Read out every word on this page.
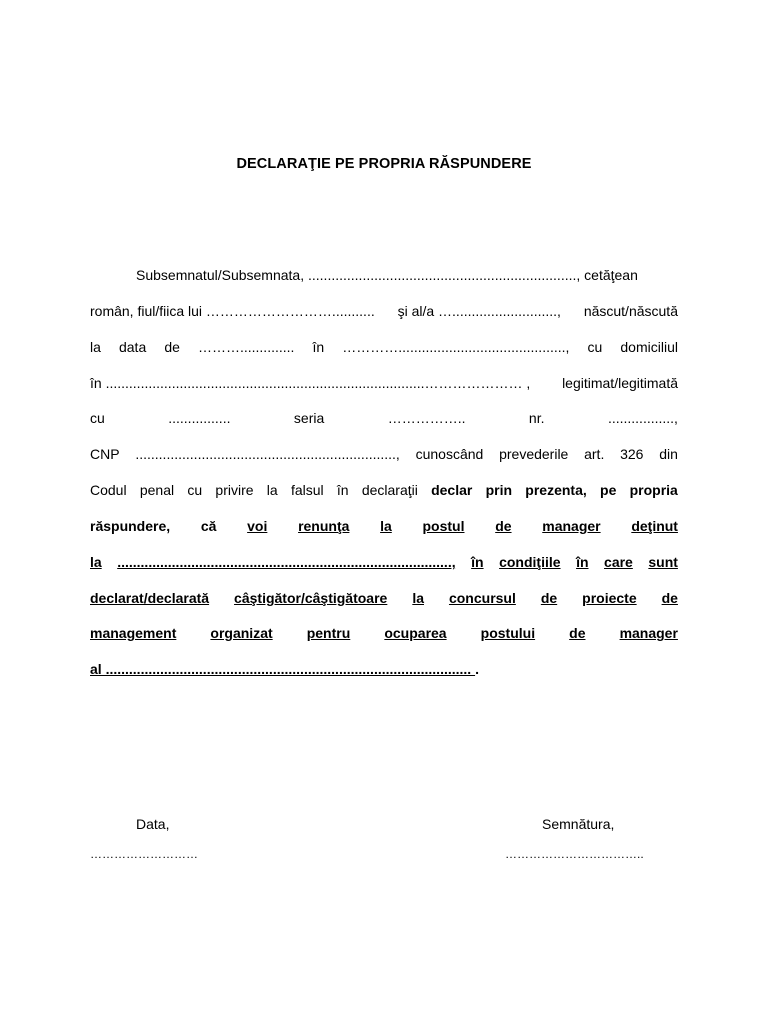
DECLARAŢIE PE PROPRIA RĂSPUNDERE
Subsemnatul/Subsemnata, ....................................................................., cetăţean
român, fiul/fiica lui ………………………........... şi al/a …..........................., născut/născută
la data de ……….............. în …………..........................................., cu domiciliul
în ..................................................................................………………… , legitimat/legitimată
cu	................	seria	……………..	nr.	.................,
CNP ..................................................................., cunoscând prevederile art. 326 din
Codul penal cu privire la falsul în declaraţii declar prin prezenta, pe propria
răspundere, că voi renunţa la postul de manager deţinut
la ......................................................................................, în condiţiile în care sunt
declarat/declarată câştigător/câştigătoare la concursul de proiecte de
management organizat pentru ocuparea postului de manager
al .............................................................................................. .
Data,
………………………
Semnătura,
……………………………..
